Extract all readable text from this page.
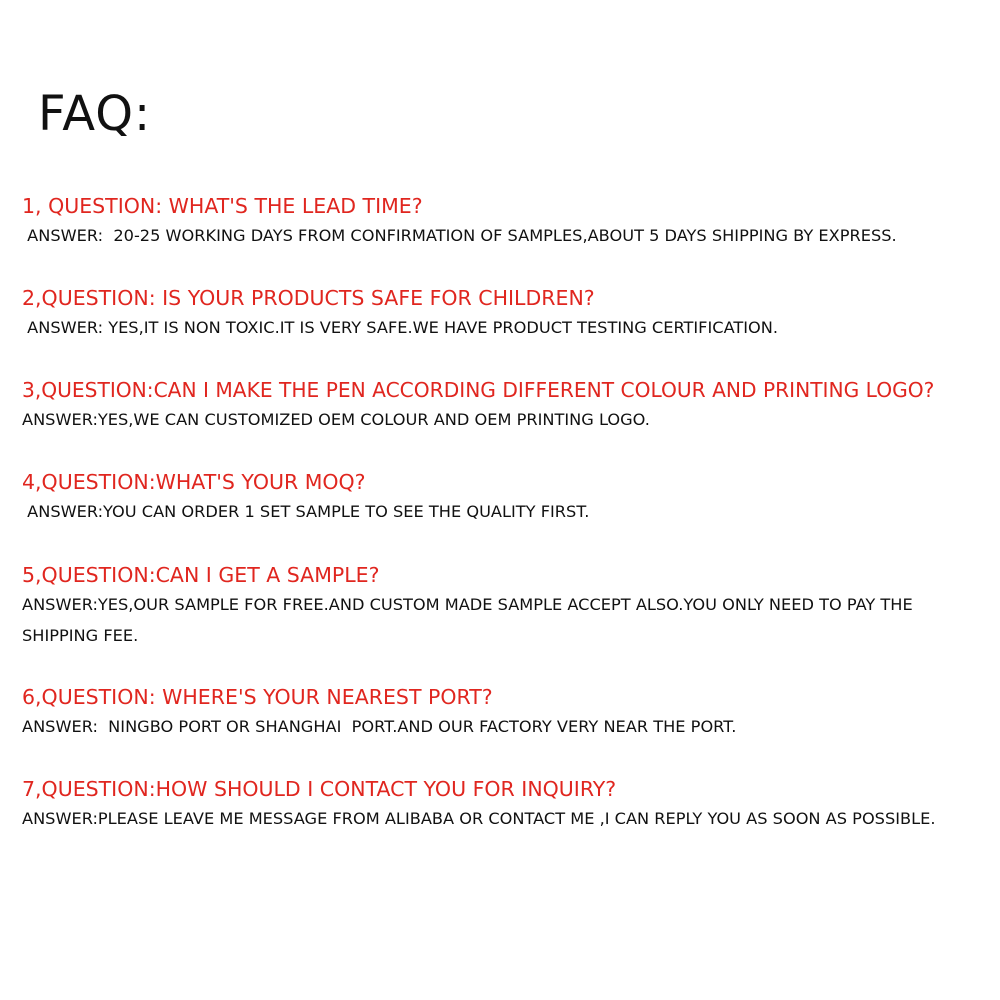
FAQ:
1, QUESTION: WHAT'S THE LEAD TIME?
ANSWER:  20-25 WORKING DAYS FROM CONFIRMATION OF SAMPLES,ABOUT 5 DAYS SHIPPING BY EXPRESS.
2,QUESTION: IS YOUR PRODUCTS SAFE FOR CHILDREN?
ANSWER: YES,IT IS NON TOXIC.IT IS VERY SAFE.WE HAVE PRODUCT TESTING CERTIFICATION.
3,QUESTION:CAN I MAKE THE PEN ACCORDING DIFFERENT COLOUR AND PRINTING LOGO?
ANSWER:YES,WE CAN CUSTOMIZED OEM COLOUR AND OEM PRINTING LOGO.
4,QUESTION:WHAT'S YOUR MOQ?
ANSWER:YOU CAN ORDER 1 SET SAMPLE TO SEE THE QUALITY FIRST.
5,QUESTION:CAN I GET A SAMPLE?
ANSWER:YES,OUR SAMPLE FOR FREE.AND CUSTOM MADE SAMPLE ACCEPT ALSO.YOU ONLY NEED TO PAY THE SHIPPING FEE.
6,QUESTION: WHERE'S YOUR NEAREST PORT?
ANSWER:  NINGBO PORT OR SHANGHAI  PORT.AND OUR FACTORY VERY NEAR THE PORT.
7,QUESTION:HOW SHOULD I CONTACT YOU FOR INQUIRY?
ANSWER:PLEASE LEAVE ME MESSAGE FROM ALIBABA OR CONTACT ME ,I CAN REPLY YOU AS SOON AS POSSIBLE.
